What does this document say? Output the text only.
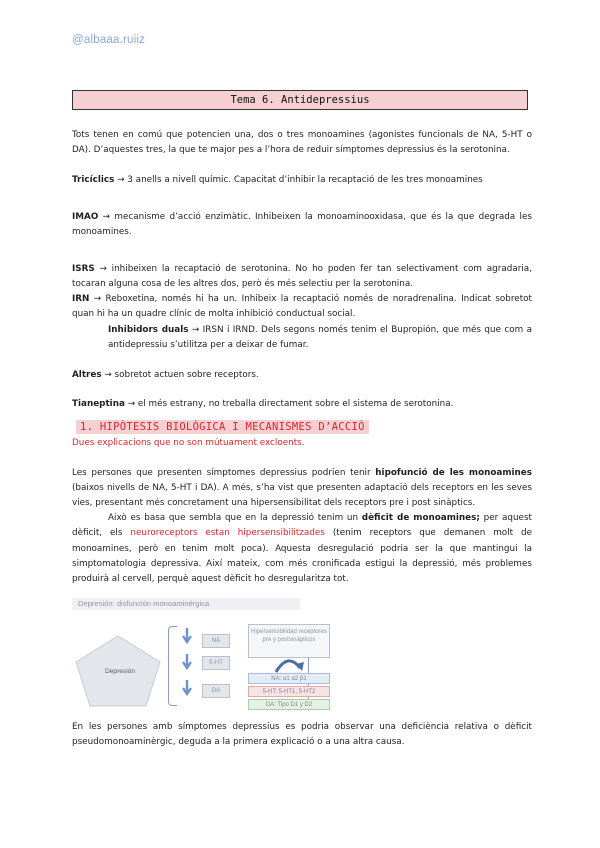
@albaaa.ruiiz
Tema 6. Antidepressius

Tots tenen en comú que potencien una, dos o tres monoamines (agonistes funcionals de NA, 5-HT o DA). D’aquestes tres, la que te major pes a l’hora de reduir símptomes depressius és la serotonina.

Tricíclics → 3 anells a nivell químic. Capacitat d’inhibir la recaptació de les tres monoamines

IMAO → mecanisme d’acció enzimàtic. Inhibeixen la monoaminooxidasa, que és la que degrada les monoamines.

ISRS → inhibeixen la recaptació de serotonina. No ho poden fer tan selectivament com agradaria, tocaran alguna cosa de les altres dos, però és més selectiu per la serotonina.

IRN → Reboxetina, només hi ha un. Inhibeix la recaptació només de noradrenalina. Indicat sobretot quan hi ha un quadre clínic de molta inhibició conductual social.

Inhibidors duals → IRSN i IRND. Dels segons només tenim el Bupropión, que més que com a antidepressiu s’utilitza per a deixar de fumar.

Altres → sobretot actuen sobre receptors.

Tianeptina → el més estrany, no treballa directament sobre el sistema de serotonina.

1. HIPÒTESIS BIOLÒGICA I MECANISMES D’ACCIÓ

Dues explicacions que no son mútuament excloents.

Les persones que presenten símptomes depressius podrien tenir hipofunció de les monoamines (baixos nivells de NA, 5-HT i DA). A més, s’ha vist que presenten adaptació dels receptors en les seves vies, presentant més concretament una hipersensibilitat dels receptors pre i post sinàptics.

Això es basa que sembla que en la depressió tenim un dèficit de monoamines; per aquest dèficit, els neuroreceptors estan hipersensibilitzades (tenim receptors que demanen molt de monoamines, però en tenim molt poca). Aquesta desregulació podria ser la que mantingui la simptomatologia depressiva. Així mateix, com més cronificada estigui la depressió, més problemes produirà al cervell, perquè aquest dèficit ho desregularitza tot.

Depresión: disfunción monoaminérgica
Depresión
NA
5-HT
DA
Hipersensibilidad receptores pre y postsinápticos
NA: α1 α2 β1
5-HT: 5-HT1, 5-HT2
DA: Tipo D1 y D2

En les persones amb símptomes depressius es podria observar una deficiència relativa o dèficit pseudomonoaminèrgic, deguda a la primera explicació o a una altra causa.
